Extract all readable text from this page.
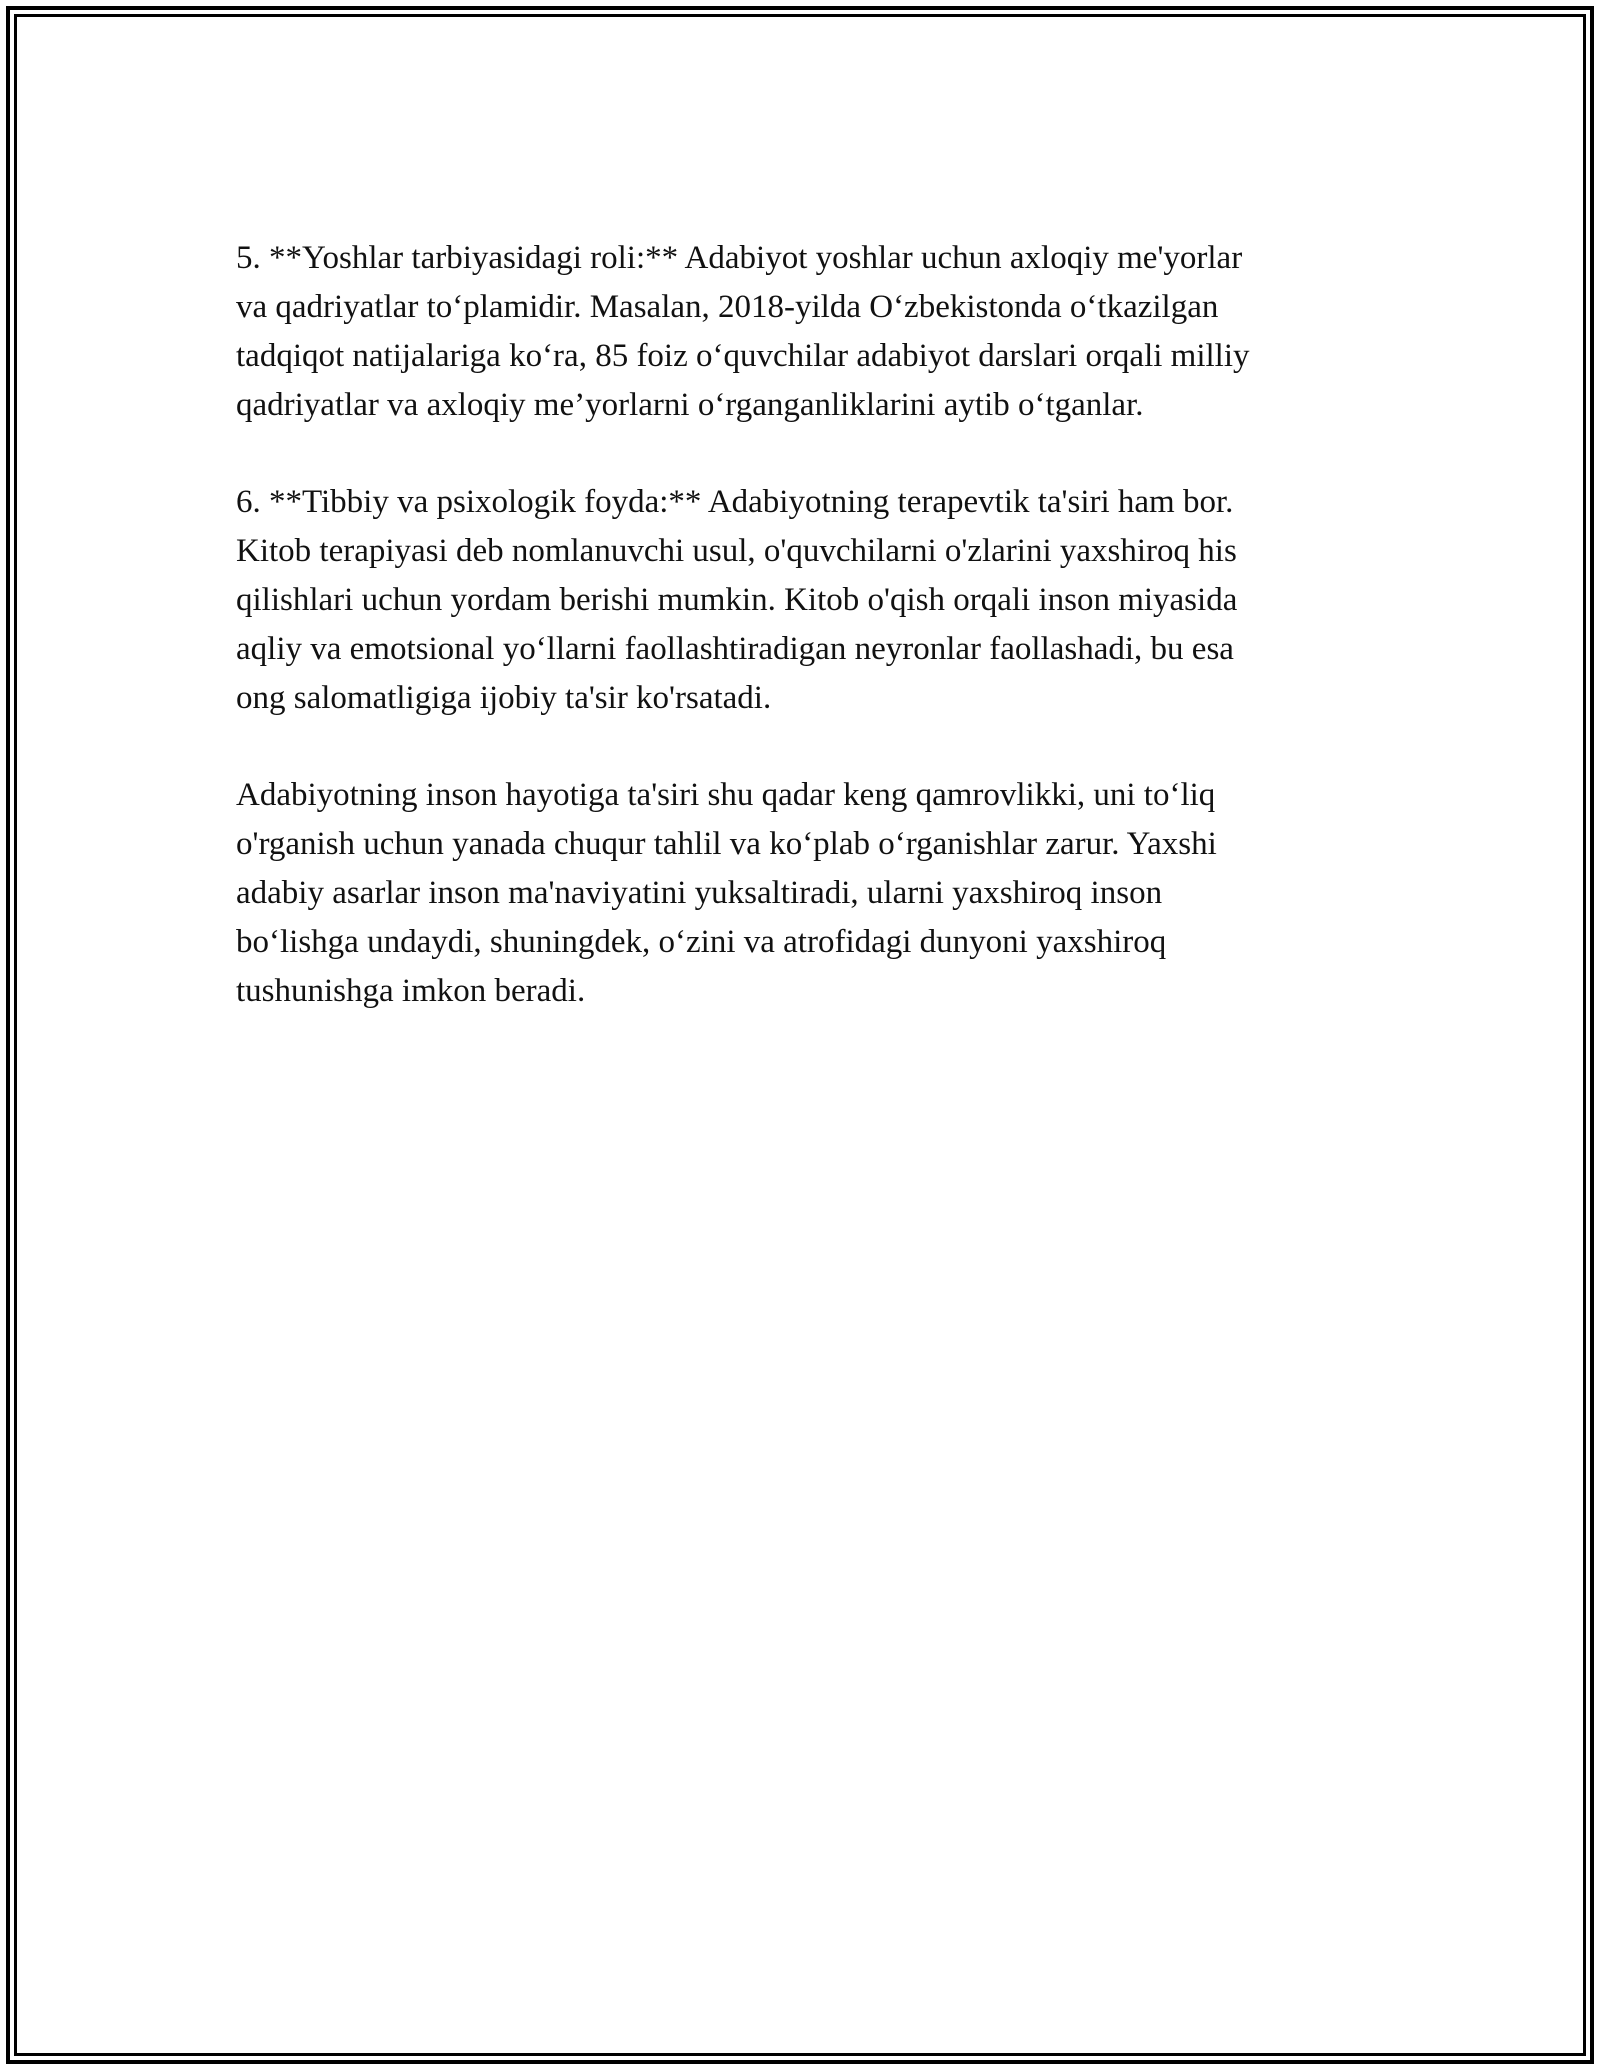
5. **Yoshlar tarbiyasidagi roli:** Adabiyot yoshlar uchun axloqiy me'yorlar
va qadriyatlar to‘plamidir. Masalan, 2018-yilda O‘zbekistonda o‘tkazilgan
tadqiqot natijalariga ko‘ra, 85 foiz o‘quvchilar adabiyot darslari orqali milliy
qadriyatlar va axloqiy me’yorlarni o‘rganganliklarini aytib o‘tganlar.

6. **Tibbiy va psixologik foyda:** Adabiyotning terapevtik ta'siri ham bor.
Kitob terapiyasi deb nomlanuvchi usul, o'quvchilarni o'zlarini yaxshiroq his
qilishlari uchun yordam berishi mumkin. Kitob o'qish orqali inson miyasida
aqliy va emotsional yo‘llarni faollashtiradigan neyronlar faollashadi, bu esa
ong salomatligiga ijobiy ta'sir ko'rsatadi.

Adabiyotning inson hayotiga ta'siri shu qadar keng qamrovlikki, uni to‘liq
o'rganish uchun yanada chuqur tahlil va ko‘plab o‘rganishlar zarur. Yaxshi
adabiy asarlar inson ma'naviyatini yuksaltiradi, ularni yaxshiroq inson
bo‘lishga undaydi, shuningdek, o‘zini va atrofidagi dunyoni yaxshiroq
tushunishga imkon beradi.
